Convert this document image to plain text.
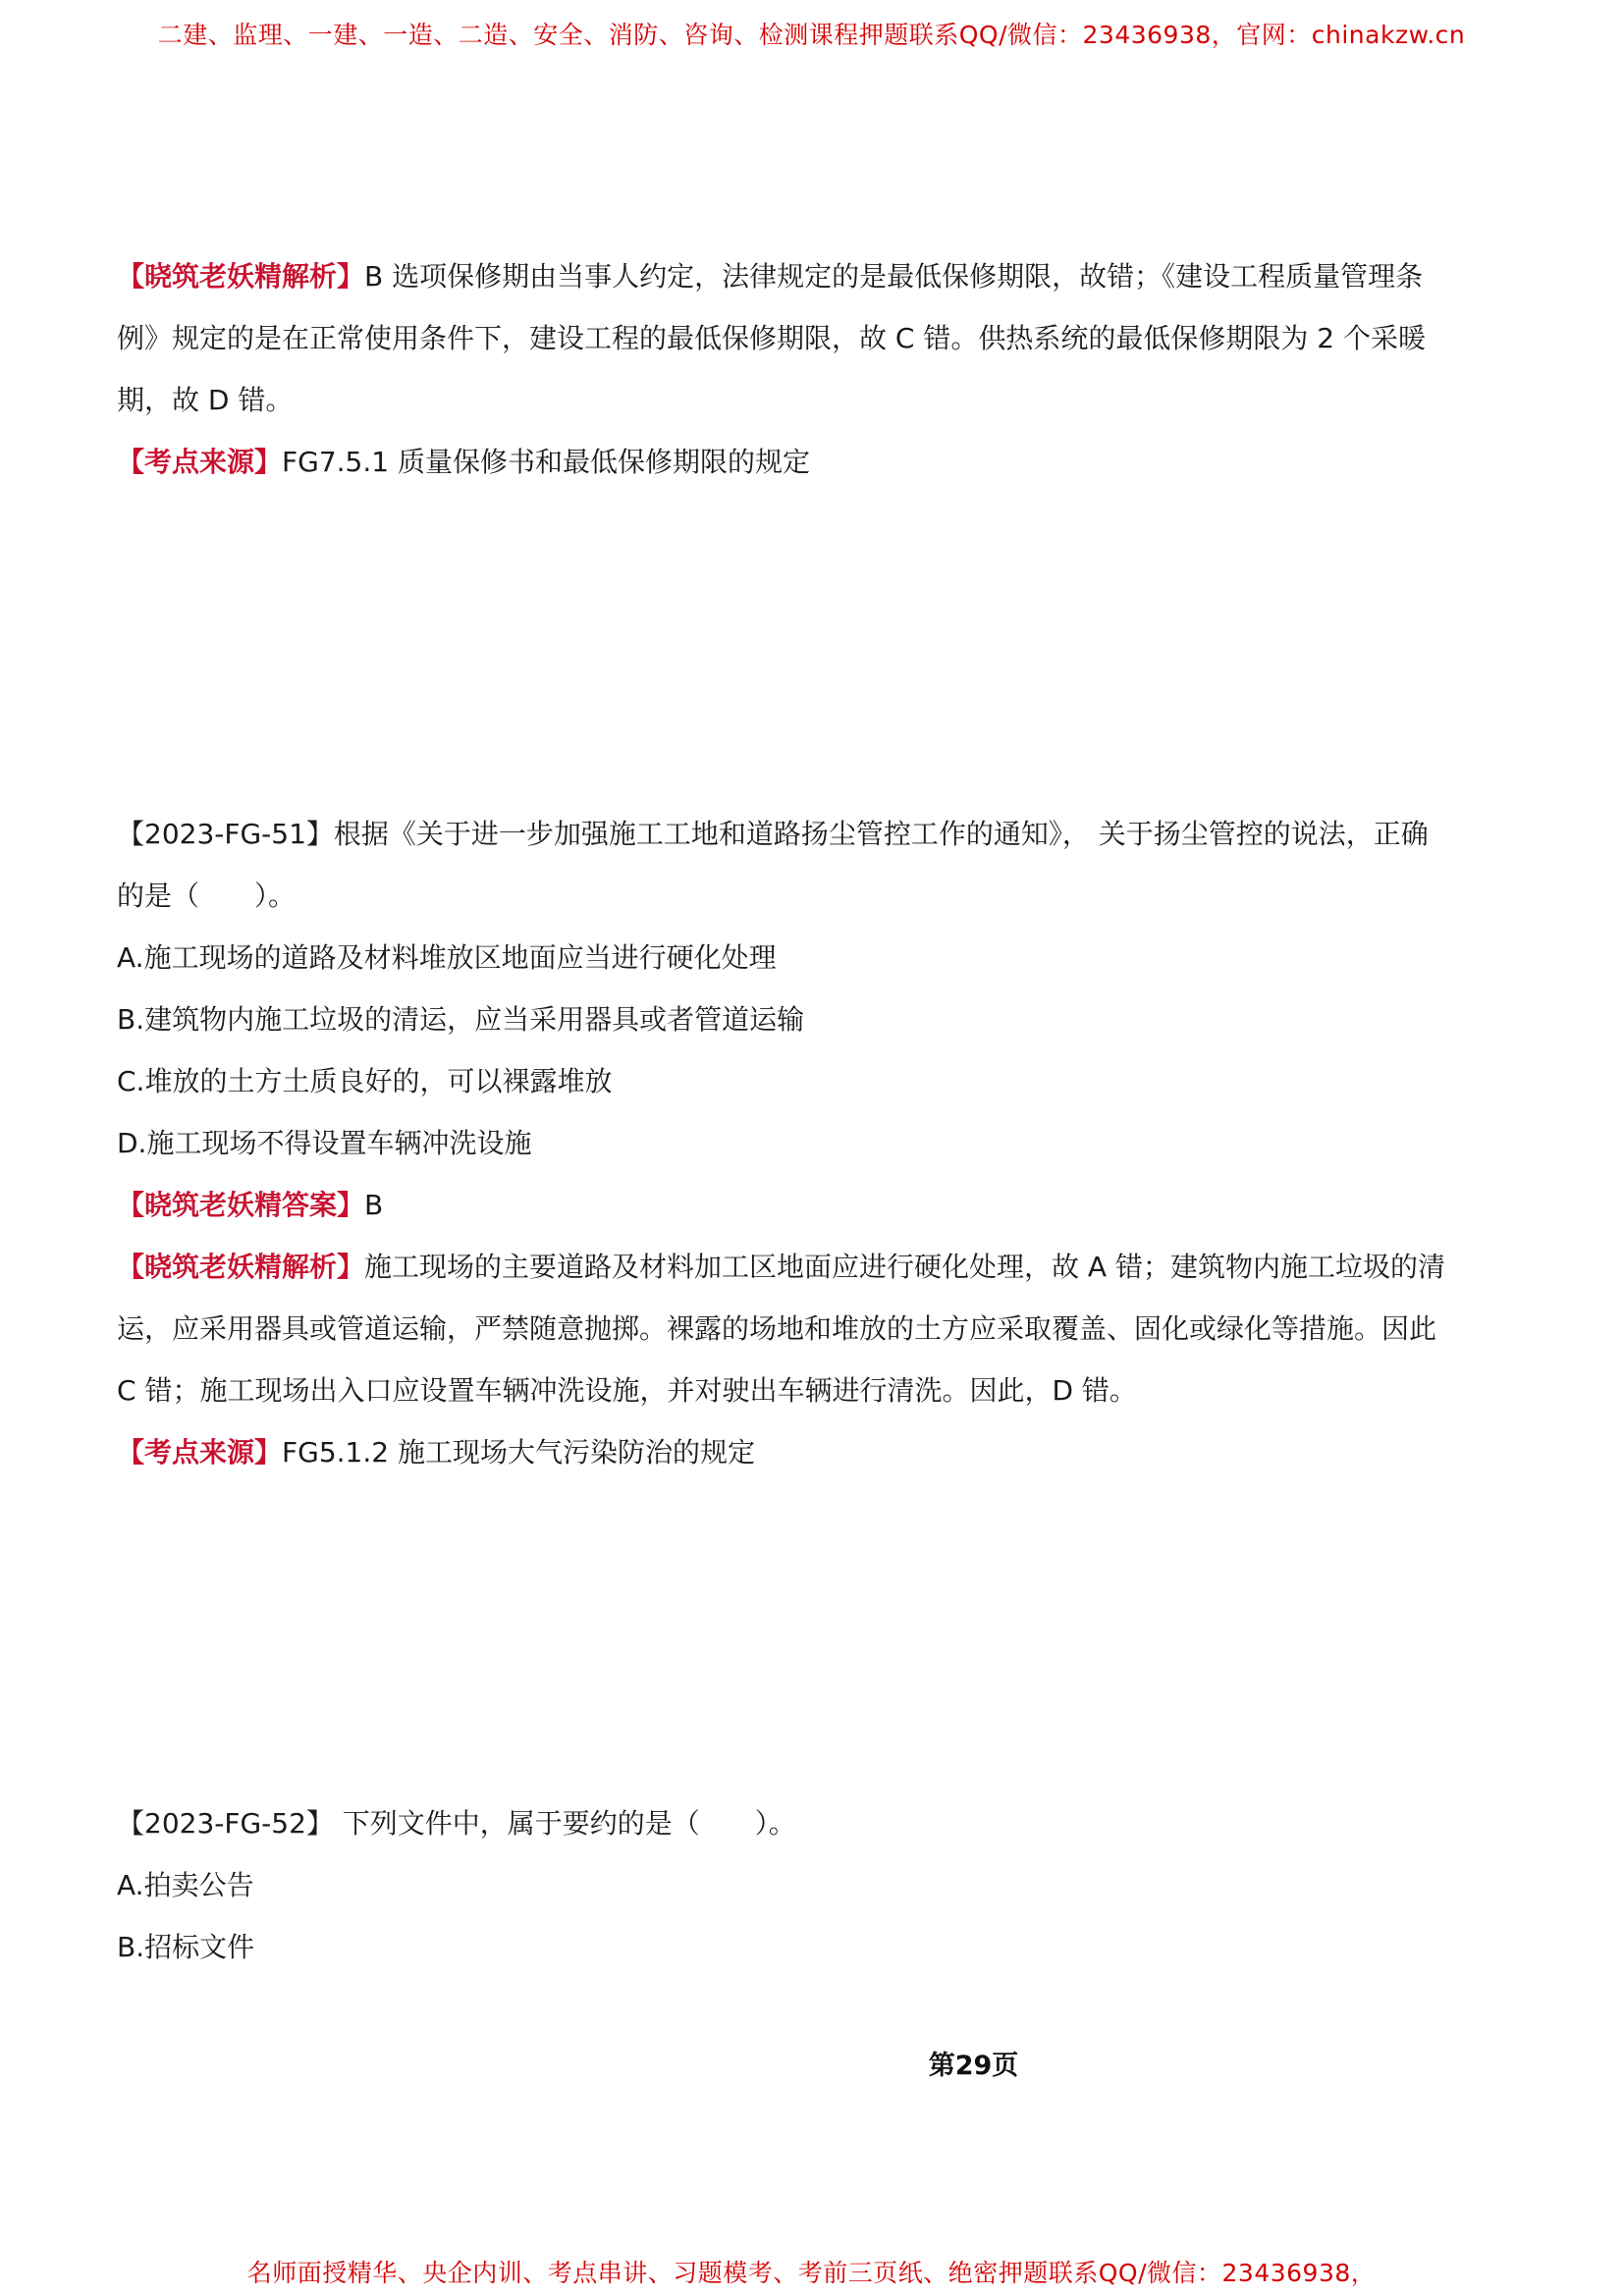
二建、监理、一建、一造、二造、安全、消防、咨询、检测课程押题联系QQ/微信：23436938，官网：chinakzw.cn
【晓筑老妖精解析】B 选项保修期由当事人约定，法律规定的是最低保修期限，故错；《建设工程质量管理条
例》规定的是在正常使用条件下，建设工程的最低保修期限，故 C 错。供热系统的最低保修期限为 2 个采暖
期，故 D 错。
【考点来源】FG7.5.1 质量保修书和最低保修期限的规定
【2023-FG-51】根据《关于进一步加强施工工地和道路扬尘管控工作的通知》， 关于扬尘管控的说法，正确
的是（　　）。
A.施工现场的道路及材料堆放区地面应当进行硬化处理
B.建筑物内施工垃圾的清运，应当采用器具或者管道运输
C.堆放的土方土质良好的，可以裸露堆放
D.施工现场不得设置车辆冲洗设施
【晓筑老妖精答案】B
【晓筑老妖精解析】施工现场的主要道路及材料加工区地面应进行硬化处理，故 A 错；建筑物内施工垃圾的清
运，应采用器具或管道运输，严禁随意抛掷。裸露的场地和堆放的土方应采取覆盖、固化或绿化等措施。因此
C 错；施工现场出入口应设置车辆冲洗设施，并对驶出车辆进行清洗。因此，D 错。
【考点来源】FG5.1.2 施工现场大气污染防治的规定
【2023-FG-52】 下列文件中，属于要约的是（　　）。
A.拍卖公告
B.招标文件
第29页
名师面授精华、央企内训、考点串讲、习题模考、考前三页纸、绝密押题联系QQ/微信：23436938，
